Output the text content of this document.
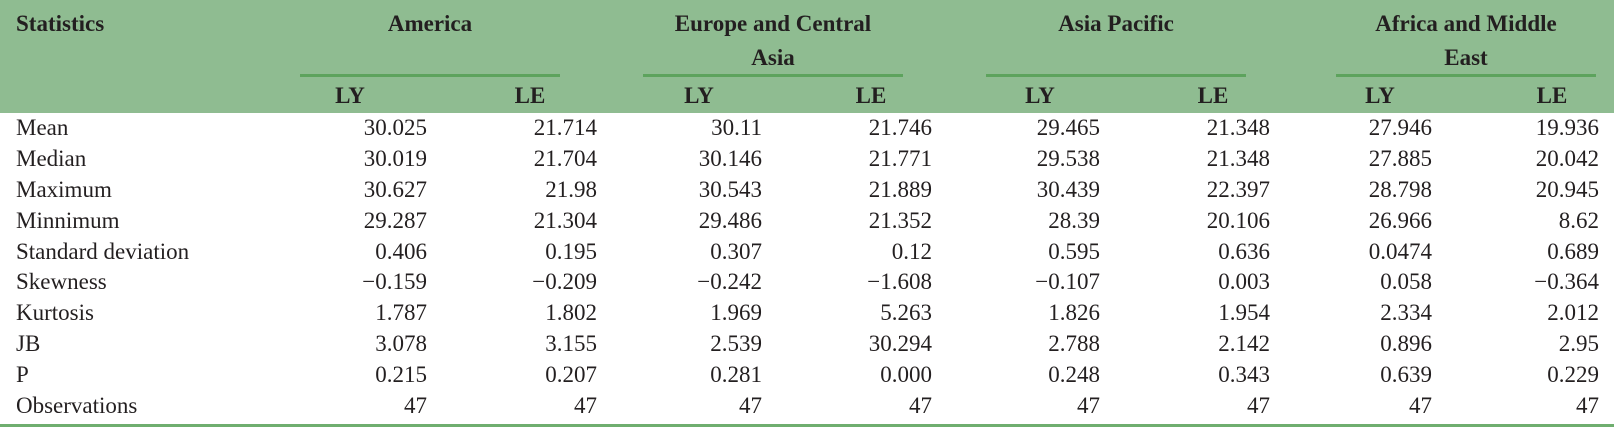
Statistics	America	Europe and Central
Asia
Asia Pacific	Africa and Middle
East
LY	LE	LY	LE	LY	LE	LY	LE
Mean	30.025	21.714	30.11	21.746	29.465	21.348	27.946	19.936
Median	30.019	21.704	30.146	21.771	29.538	21.348	27.885	20.042
Maximum	30.627	21.98	30.543	21.889	30.439	22.397	28.798	20.945
Minnimum	29.287	21.304	29.486	21.352	28.39	20.106	26.966	8.62
Standard deviation	0.406	0.195	0.307	0.12	0.595	0.636	0.0474	0.689
Skewness	−0.159	−0.209	−0.242	−1.608	−0.107	0.003	0.058	−0.364
Kurtosis	1.787	1.802	1.969	5.263	1.826	1.954	2.334	2.012
JB	3.078	3.155	2.539	30.294	2.788	2.142	0.896	2.95
P	0.215	0.207	0.281	0.000	0.248	0.343	0.639	0.229
Observations	47	47	47	47	47	47	47	47
